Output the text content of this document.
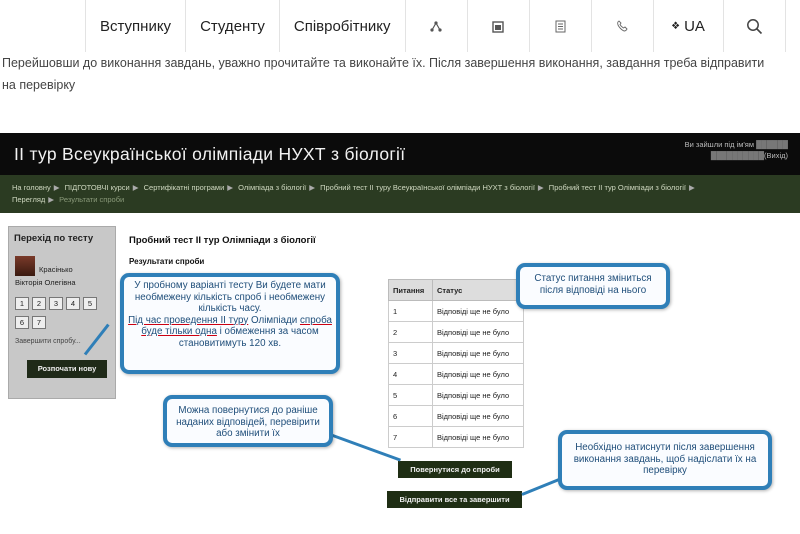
Вступнику	Студенту	Співробітнику	❖ UA

Перейшовши до виконання завдань, уважно прочитайте та виконайте їх. Після завершення виконання, завдання треба відправити

на перевірку

ІІ тур Всеукраїнської олімпіади НУХТ з біології	Ви зайшли під ім'ям ██████
██████████(Вихід)
На головну ▶ ПІДГОТОВЧІ курси ▶ Сертифікатні програми ▶ Олімпіада з біології ▶ Пробний тест ІІ туру Всеукраїнської олімпіади НУХТ з біології ▶ Пробний тест ІІ тур Олімпіади з біології ▶
Перегляд ▶ Результати спроби
Перехід по тесту
Красінько
Вікторія Олегівна
1	2	3	4	5
6	7
Завершити спробу...
Розпочати нову
Пробний тест ІІ тур Олімпіади з біології
Результати спроби
Питання	Статус
1	Відповіді ще не було
2	Відповіді ще не було
3	Відповіді ще не було
4	Відповіді ще не було
5	Відповіді ще не було
6	Відповіді ще не було
7	Відповіді ще не було
Повернутися до спроби
Відправити все та завершити
У пробному варіанті тесту Ви будете мати необмежену кількість спроб і необмежену кількість часу.
Під час проведення ІІ туру Олімпіади спроба буде тільки одна і обмеження за часом становитимуть 120 хв.
Статус питання зміниться після відповіді на нього
Можна повернутися до раніше наданих відповідей, перевірити або змінити їх
Необхідно натиснути після завершення виконання завдань, щоб надіслати їх на перевірку
